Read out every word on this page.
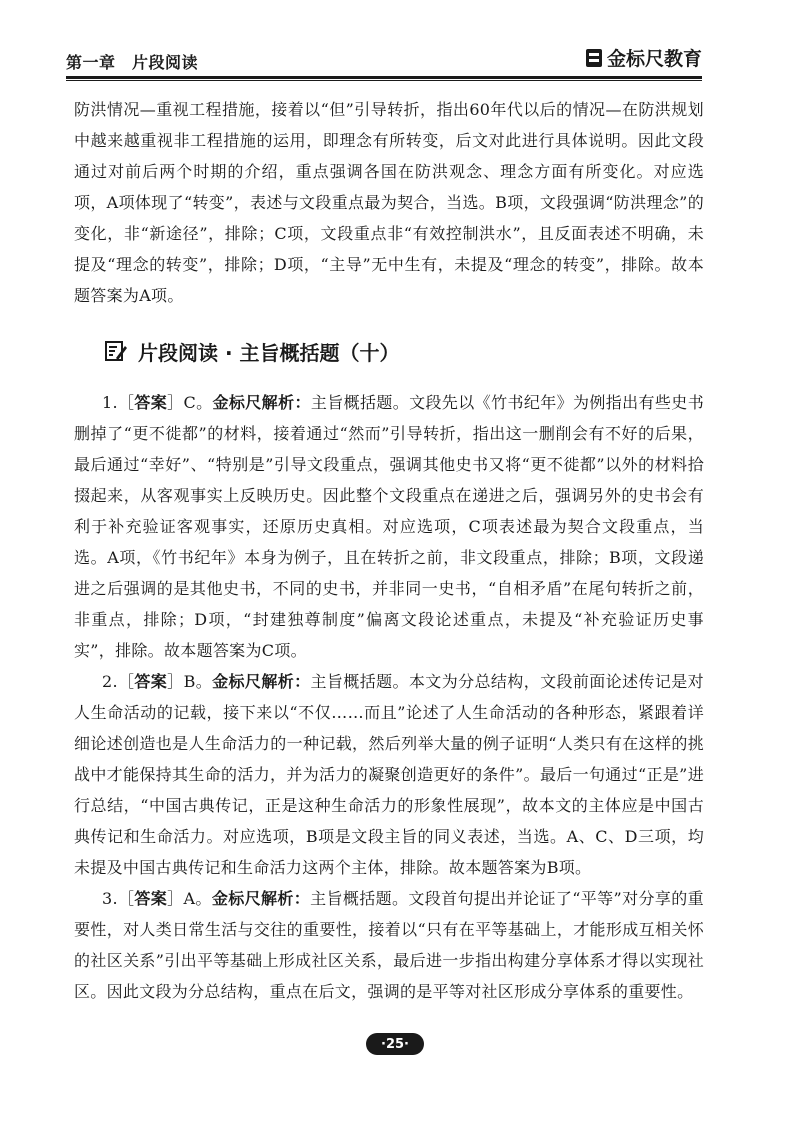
第一章　片段阅读	金标尺教育

防洪情况—重视工程措施，接着以“但”引导转折，指出60年代以后的情况—在防洪规划中越来越重视非工程措施的运用，即理念有所转变，后文对此进行具体说明。因此文段通过对前后两个时期的介绍，重点强调各国在防洪观念、理念方面有所变化。对应选项，A项体现了“转变”，表述与文段重点最为契合，当选。B项，文段强调“防洪理念”的变化，非“新途径”，排除；C项，文段重点非“有效控制洪水”，且反面表述不明确，未提及“理念的转变”，排除；D项，“主导”无中生有，未提及“理念的转变”，排除。故本题答案为A项。

片段阅读 · 主旨概括题（十）

1.［答案］C。金标尺解析：主旨概括题。文段先以《竹书纪年》为例指出有些史书删掉了“更不徙都”的材料，接着通过“然而”引导转折，指出这一删削会有不好的后果，最后通过“幸好”、“特别是”引导文段重点，强调其他史书又将“更不徙都”以外的材料拾掇起来，从客观事实上反映历史。因此整个文段重点在递进之后，强调另外的史书会有利于补充验证客观事实，还原历史真相。对应选项，C项表述最为契合文段重点，当选。A项，《竹书纪年》本身为例子，且在转折之前，非文段重点，排除；B项，文段递进之后强调的是其他史书，不同的史书，并非同一史书，“自相矛盾”在尾句转折之前，非重点，排除；D项，“封建独尊制度”偏离文段论述重点，未提及“补充验证历史事实”，排除。故本题答案为C项。

2.［答案］B。金标尺解析：主旨概括题。本文为分总结构，文段前面论述传记是对人生命活动的记载，接下来以“不仅……而且”论述了人生命活动的各种形态，紧跟着详细论述创造也是人生命活力的一种记载，然后列举大量的例子证明“人类只有在这样的挑战中才能保持其生命的活力，并为活力的凝聚创造更好的条件”。最后一句通过“正是”进行总结，“中国古典传记，正是这种生命活力的形象性展现”，故本文的主体应是中国古典传记和生命活力。对应选项，B项是文段主旨的同义表述，当选。A、C、D三项，均未提及中国古典传记和生命活力这两个主体，排除。故本题答案为B项。

3.［答案］A。金标尺解析：主旨概括题。文段首句提出并论证了“平等”对分享的重要性，对人类日常生活与交往的重要性，接着以“只有在平等基础上，才能形成互相关怀的社区关系”引出平等基础上形成社区关系，最后进一步指出构建分享体系才得以实现社区。因此文段为分总结构，重点在后文，强调的是平等对社区形成分享体系的重要性。

·25·
